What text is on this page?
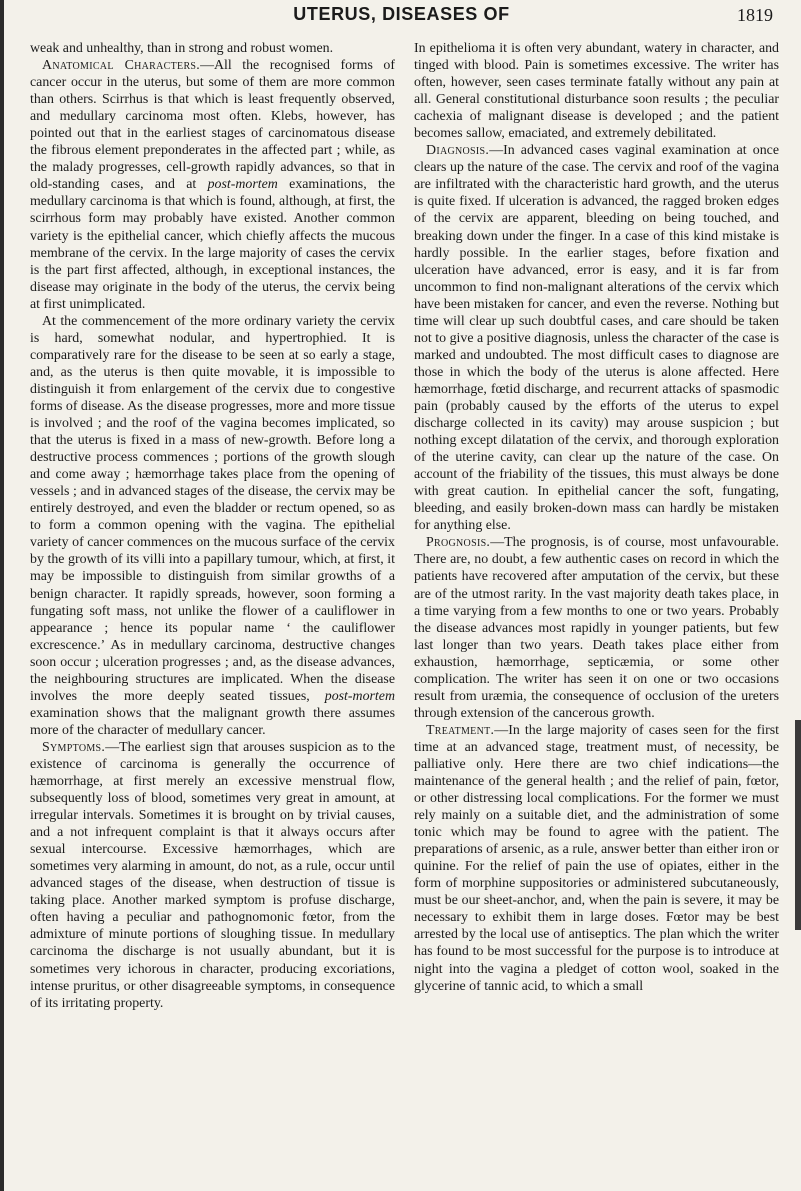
UTERUS, DISEASES OF	1819

weak and unhealthy, than in strong and robust women.

Anatomical Characters.—All the recognised forms of cancer occur in the uterus, but some of them are more common than others. Scirrhus is that which is least frequently observed, and medullary carcinoma most often. Klebs, however, has pointed out that in the earliest stages of carcinomatous disease the fibrous element preponderates in the affected part ; while, as the malady progresses, cell-growth rapidly advances, so that in old-standing cases, and at post-mortem examinations, the medullary carcinoma is that which is found, although, at first, the scirrhous form may probably have existed. Another common variety is the epithelial cancer, which chiefly affects the mucous membrane of the cervix. In the large majority of cases the cervix is the part first affected, although, in exceptional instances, the disease may originate in the body of the uterus, the cervix being at first unimplicated.

At the commencement of the more ordinary variety the cervix is hard, somewhat nodular, and hypertrophied. It is comparatively rare for the disease to be seen at so early a stage, and, as the uterus is then quite movable, it is impossible to distinguish it from enlargement of the cervix due to congestive forms of disease. As the disease progresses, more and more tissue is involved ; and the roof of the vagina becomes implicated, so that the uterus is fixed in a mass of new-growth. Before long a destructive process commences ; portions of the growth slough and come away ; hæmorrhage takes place from the opening of vessels ; and in advanced stages of the disease, the cervix may be entirely destroyed, and even the bladder or rectum opened, so as to form a common opening with the vagina. The epithelial variety of cancer commences on the mucous surface of the cervix by the growth of its villi into a papillary tumour, which, at first, it may be impossible to distinguish from similar growths of a benign character. It rapidly spreads, however, soon forming a fungating soft mass, not unlike the flower of a cauliflower in appearance ; hence its popular name ‘ the cauliflower excrescence.’ As in medullary carcinoma, destructive changes soon occur ; ulceration progresses ; and, as the disease advances, the neighbouring structures are implicated. When the disease involves the more deeply seated tissues, post-mortem examination shows that the malignant growth there assumes more of the character of medullary cancer.

Symptoms.—The earliest sign that arouses suspicion as to the existence of carcinoma is generally the occurrence of hæmorrhage, at first merely an excessive menstrual flow, subsequently loss of blood, sometimes very great in amount, at irregular intervals. Sometimes it is brought on by trivial causes, and a not infrequent complaint is that it always occurs after sexual intercourse. Excessive hæmorrhages, which are sometimes very alarming in amount, do not, as a rule, occur until advanced stages of the disease, when destruction of tissue is taking place. Another marked symptom is profuse discharge, often having a peculiar and pathognomonic fœtor, from the admixture of minute portions of sloughing tissue. In medullary carcinoma the discharge is not usually abundant, but it is sometimes very ichorous in character, producing excoriations, intense pruritus, or other disagreeable symptoms, in consequence of its irritating property.

In epithelioma it is often very abundant, watery in character, and tinged with blood. Pain is sometimes excessive. The writer has often, however, seen cases terminate fatally without any pain at all. General constitutional disturbance soon results ; the peculiar cachexia of malignant disease is developed ; and the patient becomes sallow, emaciated, and extremely debilitated.

Diagnosis.—In advanced cases vaginal examination at once clears up the nature of the case. The cervix and roof of the vagina are infiltrated with the characteristic hard growth, and the uterus is quite fixed. If ulceration is advanced, the ragged broken edges of the cervix are apparent, bleeding on being touched, and breaking down under the finger. In a case of this kind mistake is hardly possible. In the earlier stages, before fixation and ulceration have advanced, error is easy, and it is far from uncommon to find non-malignant alterations of the cervix which have been mistaken for cancer, and even the reverse. Nothing but time will clear up such doubtful cases, and care should be taken not to give a positive diagnosis, unless the character of the case is marked and undoubted. The most difficult cases to diagnose are those in which the body of the uterus is alone affected. Here hæmorrhage, fœtid discharge, and recurrent attacks of spasmodic pain (probably caused by the efforts of the uterus to expel discharge collected in its cavity) may arouse suspicion ; but nothing except dilatation of the cervix, and thorough exploration of the uterine cavity, can clear up the nature of the case. On account of the friability of the tissues, this must always be done with great caution. In epithelial cancer the soft, fungating, bleeding, and easily broken-down mass can hardly be mistaken for anything else.

Prognosis.—The prognosis, is of course, most unfavourable. There are, no doubt, a few authentic cases on record in which the patients have recovered after amputation of the cervix, but these are of the utmost rarity. In the vast majority death takes place, in a time varying from a few months to one or two years. Probably the disease advances most rapidly in younger patients, but few last longer than two years. Death takes place either from exhaustion, hæmorrhage, septicæmia, or some other complication. The writer has seen it on one or two occasions result from uræmia, the consequence of occlusion of the ureters through extension of the cancerous growth.

Treatment.—In the large majority of cases seen for the first time at an advanced stage, treatment must, of necessity, be palliative only. Here there are two chief indications—the maintenance of the general health ; and the relief of pain, fœtor, or other distressing local complications. For the former we must rely mainly on a suitable diet, and the administration of some tonic which may be found to agree with the patient. The preparations of arsenic, as a rule, answer better than either iron or quinine. For the relief of pain the use of opiates, either in the form of morphine suppositories or administered subcutaneously, must be our sheet-anchor, and, when the pain is severe, it may be necessary to exhibit them in large doses. Fœtor may be best arrested by the local use of antiseptics. The plan which the writer has found to be most successful for the purpose is to introduce at night into the vagina a pledget of cotton wool, soaked in the glycerine of tannic acid, to which a small
